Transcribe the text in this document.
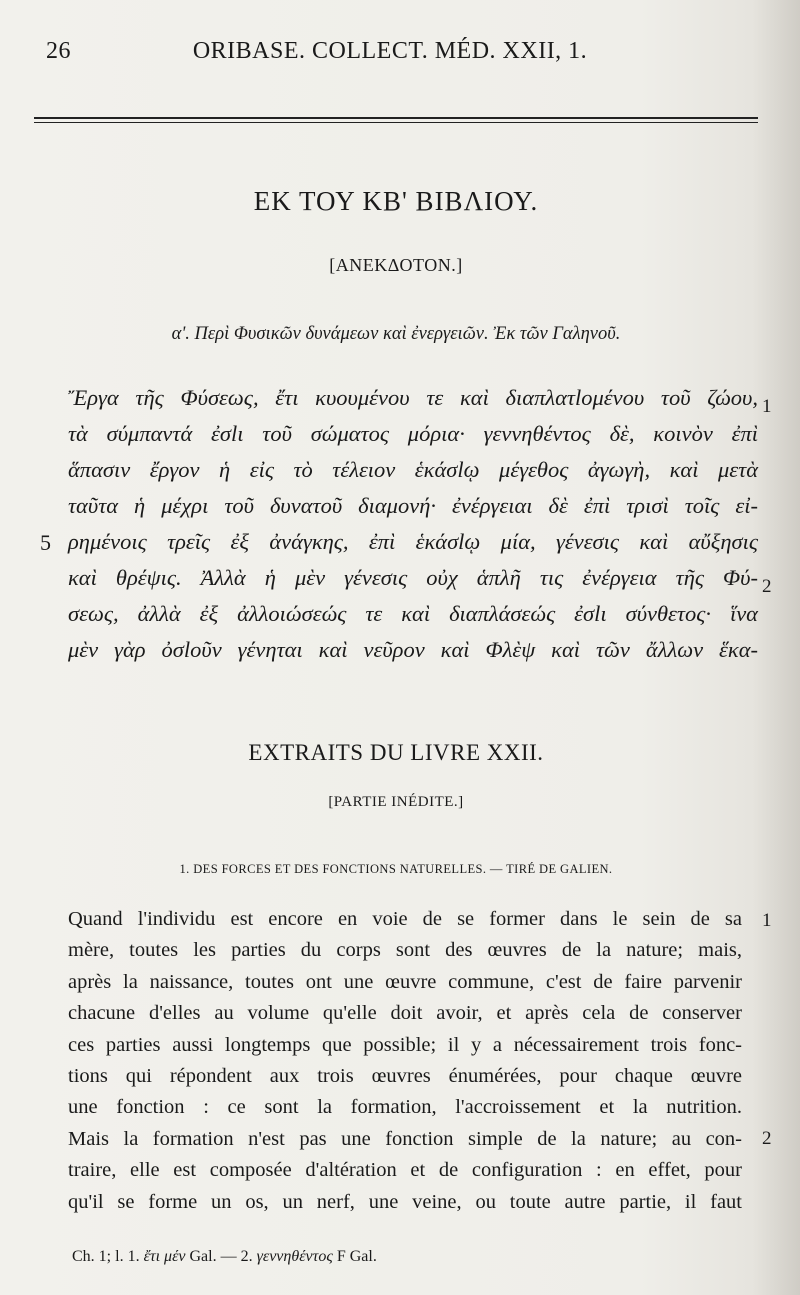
26	ORIBASE. COLLECT. MÉD. XXII, 1.
ΕΚ ΤΟΥ ΚΒ' ΒΙΒΛΙΟΥ.
[ΑΝΕΚΔΟΤΟΝ.]
α'. Περὶ Φυσικῶν δυνάμεων καὶ ἐνεργειῶν. Ἐκ τῶν Γαληνοῦ.
Ἔργα τῆς Φύσεως, ἔτι κυουμένου τε καὶ διαπλατlομένου τοῦ ζώου,
τὰ σύμπαντά ἐσlι τοῦ σώματος μόρια· γεννηθέντος δὲ, κοινὸν ἐπὶ
ἅπασιν ἔργον ἡ εἰς τὸ τέλειον ἑκάσlῳ μέγεθος ἀγωγὴ, καὶ μετὰ
ταῦτα ἡ μέχρι τοῦ δυνατοῦ διαμονή· ἐνέργειαι δὲ ἐπὶ τρισὶ τοῖς εἰ-
ρημένοις τρεῖς ἐξ ἀνάγκης, ἐπὶ ἑκάσlῳ μία, γένεσις καὶ αὔξησις
καὶ θρέψις. Ἀλλὰ ἡ μὲν γένεσις οὐχ ἁπλῆ τις ἐνέργεια τῆς Φύ-
σεως, ἀλλὰ ἐξ ἀλλοιώσεώς τε καὶ διαπλάσεώς ἐσlι σύνθετος· ἵνα
μὲν γὰρ ὀσlοῦν γένηται καὶ νεῦρον καὶ Φλὲψ καὶ τῶν ἄλλων ἕκα-
5
1
2
EXTRAITS DU LIVRE XXII.
[PARTIE INÉDITE.]
1. DES FORCES ET DES FONCTIONS NATURELLES. — TIRÉ DE GALIEN.
Quand l'individu est encore en voie de se former dans le sein de sa
mère, toutes les parties du corps sont des œuvres de la nature; mais,
après la naissance, toutes ont une œuvre commune, c'est de faire parvenir
chacune d'elles au volume qu'elle doit avoir, et après cela de conserver
ces parties aussi longtemps que possible; il y a nécessairement trois fonc-
tions qui répondent aux trois œuvres énumérées, pour chaque œuvre
une fonction : ce sont la formation, l'accroissement et la nutrition.
Mais la formation n'est pas une fonction simple de la nature; au con-
traire, elle est composée d'altération et de configuration : en effet, pour
qu'il se forme un os, un nerf, une veine, ou toute autre partie, il faut
1
2
Ch. 1; l. 1. ἔτι μέν Gal. — 2. γεννηθέντος F Gal.
